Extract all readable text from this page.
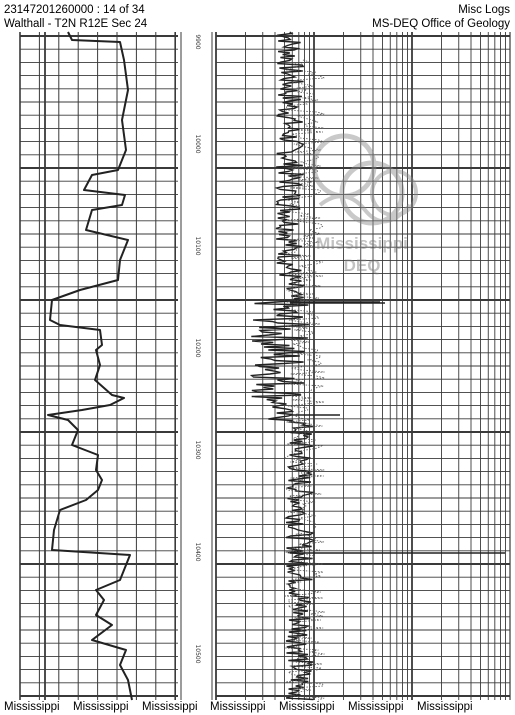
23147201260000 : 14 of 34
Walthall - T2N R12E Sec 24
Misc Logs
MS-DEQ Office of Geology
9900
10000
10100
10200
10300
10400
10500
Mississippi
DEQ
Mississippi Mississippi Mississippi Mississippi Mississippi Mississippi Mississippi
